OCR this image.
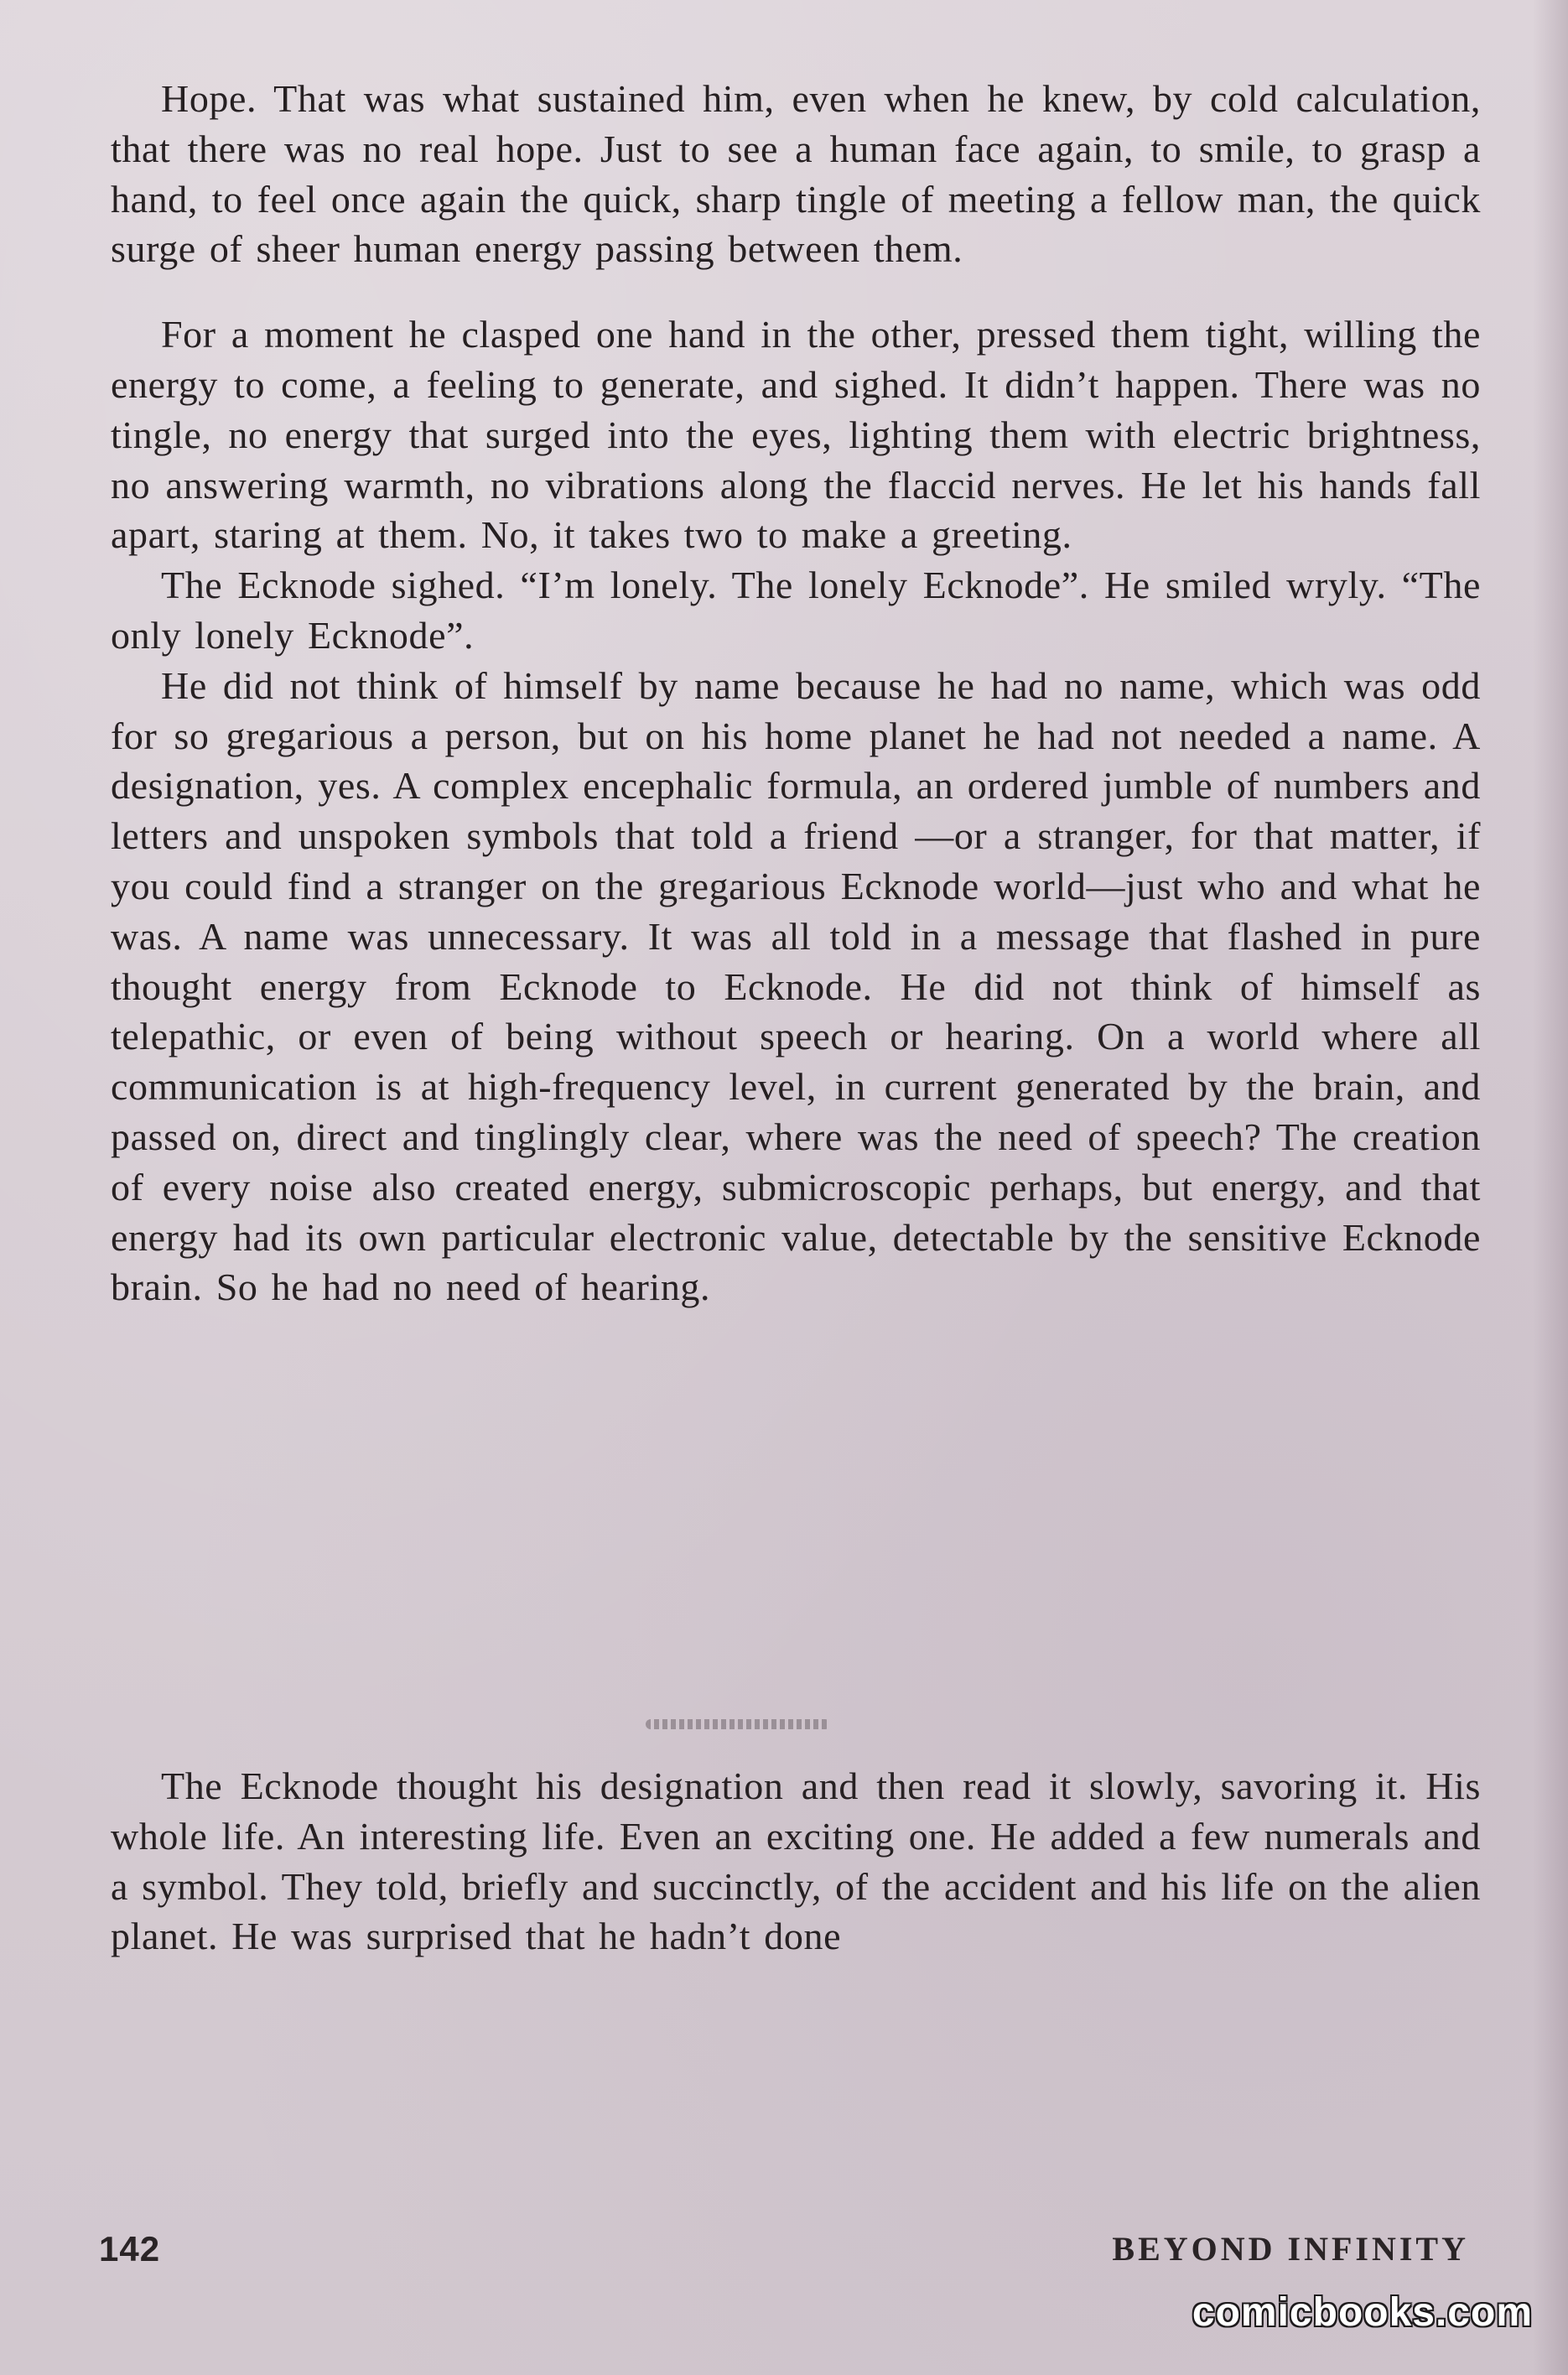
Hope. That was what sustained him, even when he knew, by cold calculation, that there was no real hope. Just to see a human face again, to smile, to grasp a hand, to feel once again the quick, sharp tingle of meeting a fellow man, the quick surge of sheer human energy passing between them.

For a moment he clasped one hand in the other, pressed them tight, willing the energy to come, a feeling to generate, and sighed. It didn’t happen. There was no tingle, no energy that surged into the eyes, lighting them with electric brightness, no answering warmth, no vibrations along the flaccid nerves. He let his hands fall apart, staring at them. No, it takes two to make a greeting.

The Ecknode sighed. “I’m lonely. The lonely Ecknode”. He smiled wryly. “The only lonely Ecknode”.

He did not think of himself by name because he had no name, which was odd for so gregarious a person, but on his home planet he had not needed a name. A designation, yes. A complex encephalic formula, an ordered jumble of numbers and letters and unspoken symbols that told a friend —or a stranger, for that matter, if you could find a stranger on the gregarious Ecknode world—just who and what he was. A name was unnecessary. It was all told in a message that flashed in pure thought energy from Ecknode to Ecknode. He did not think of himself as telepathic, or even of being without speech or hearing. On a world where all communication is at high-frequency level, in current generated by the brain, and passed on, direct and tinglingly clear, where was the need of speech? The creation of every noise also created energy, submicroscopic perhaps, but energy, and that energy had its own particular electronic value, detectable by the sensitive Ecknode brain. So he had no need of hearing.

The Ecknode thought his designation and then read it slowly, savoring it. His whole life. An interesting life. Even an exciting one. He added a few numerals and a symbol. They told, briefly and succinctly, of the accident and his life on the alien planet. He was surprised that he hadn’t done

142	BEYOND INFINITY
comicbooks.com
